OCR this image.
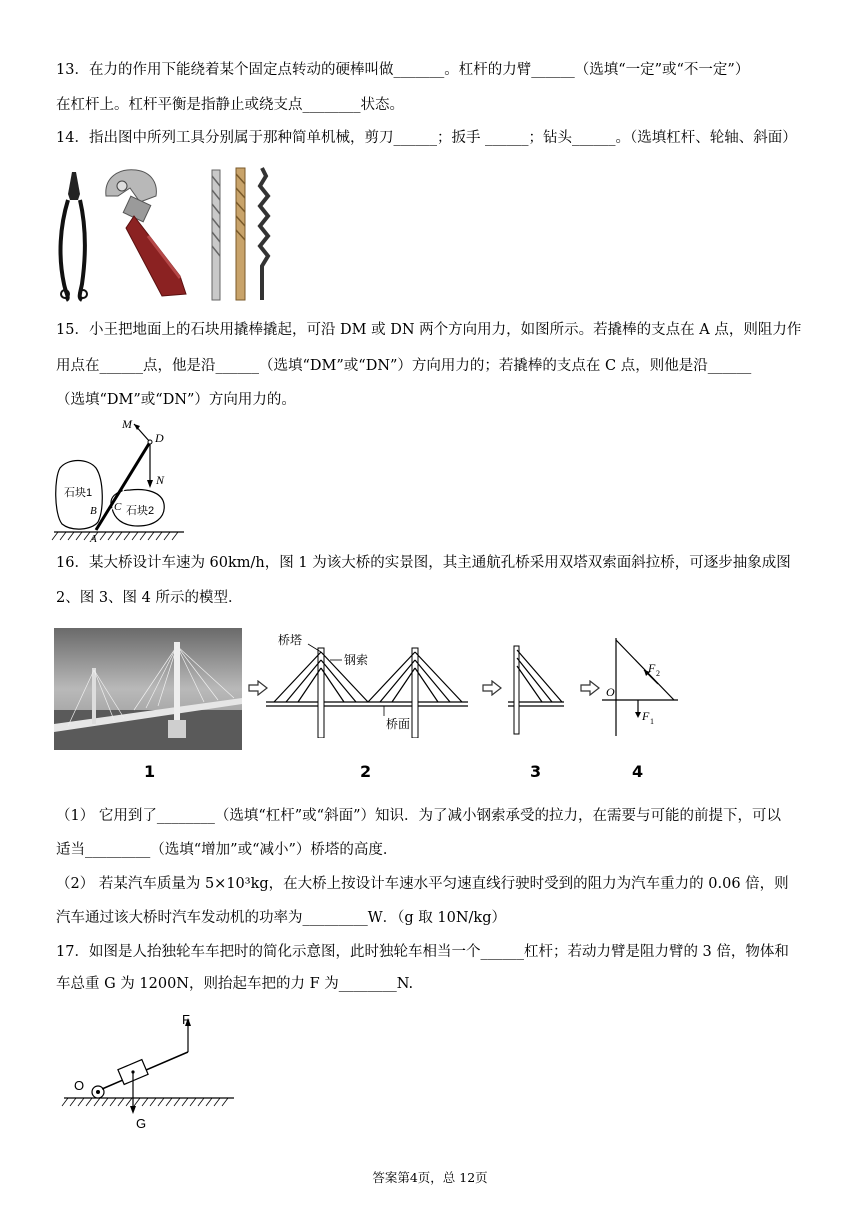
13．在力的作用下能绕着某个固定点转动的硬棒叫做_______。杠杆的力臂______（选填“一定”或“不一定”）
在杠杆上。杠杆平衡是指静止或绕支点________状态。
14．指出图中所列工具分别属于那种简单机械，剪刀______；扳手 ______；钻头______。（选填杠杆、轮轴、斜面）
15．小王把地面上的石块用撬棒撬起，可沿 DM 或 DN 两个方向用力，如图所示。若撬棒的支点在 A 点，则阻力作
用点在______点，他是沿______（选填“DM”或“DN”）方向用力的；若撬棒的支点在 C 点，则他是沿______
（选填“DM”或“DN”）方向用力的。
M
D
N
石块1
石块2
B C
A
16．某大桥设计车速为 60km/h，图 1 为该大桥的实景图，其主通航孔桥采用双塔双索面斜拉桥，可逐步抽象成图
2、图 3、图 4 所示的模型．
桥塔
钢索
桥面
O
F 2
F 1
1	2	3	4
（1） 它用到了________（选填“杠杆”或“斜面”）知识．为了减小钢索承受的拉力，在需要与可能的前提下，可以
适当_________（选填“增加”或“减小”）桥塔的高度．
（2） 若某汽车质量为 5×10³kg，在大桥上按设计车速水平匀速直线行驶时受到的阻力为汽车重力的 0.06 倍，则
汽车通过该大桥时汽车发动机的功率为_________W．（g 取 10N/kg）
17．如图是人抬独轮车车把时的简化示意图，此时独轮车相当一个______杠杆；若动力臂是阻力臂的 3 倍，物体和
车总重 G 为 1200N，则抬起车把的力 F 为________N.
F
O
G
答案第4页，总 12页
